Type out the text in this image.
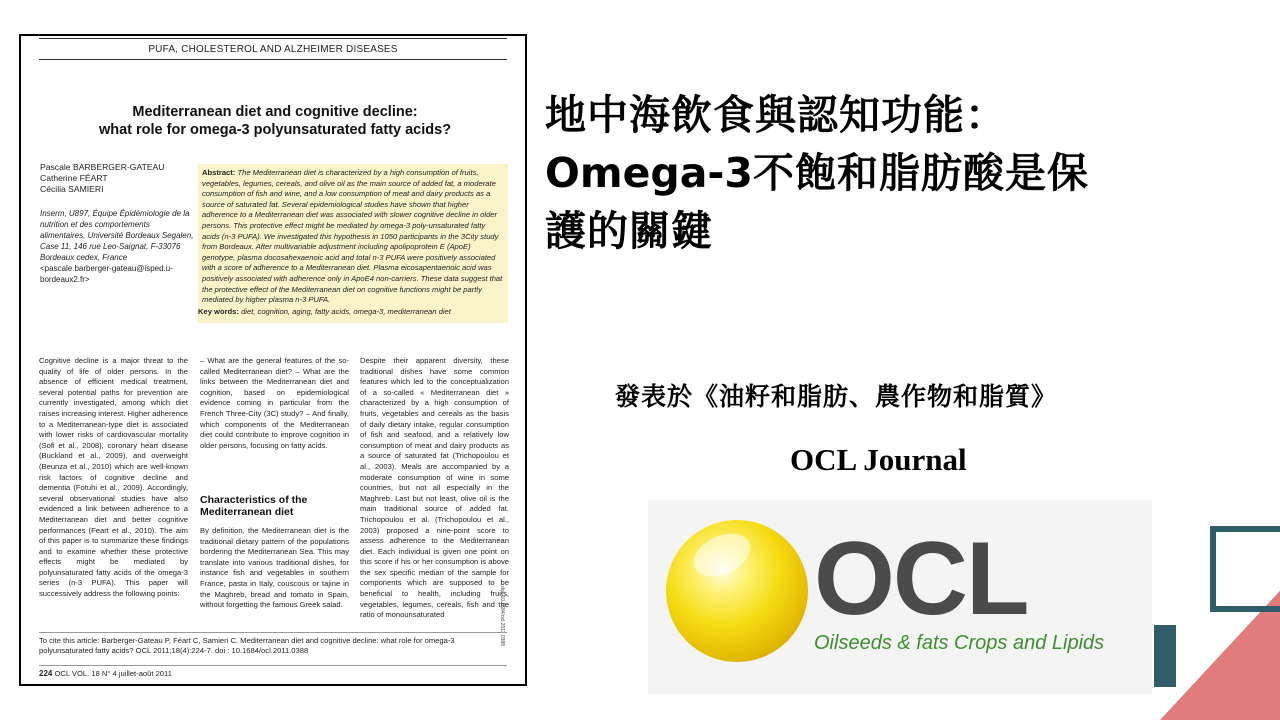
PUFA, CHOLESTEROL AND ALZHEIMER DISEASES
Mediterranean diet and cognitive decline:
what role for omega-3 polyunsaturated fatty acids?
Pascale BARBERGER-GATEAU
Catherine FÉART
Cécilia SAMIERI
Inserm, U897, Équipe Épidémiologie de la nutrition et des comportements alimentaires, Université Bordeaux Segalen, Case 11, 146 rue Leo-Saignat, F-33076 Bordeaux cedex, France
<pascale.barberger-gateau@isped.u-bordeaux2.fr>
Abstract: The Mediterranean diet is characterized by a high consumption of fruits, vegetables, legumes, cereals, and olive oil as the main source of added fat, a moderate consumption of fish and wine, and a low consumption of meat and dairy products as a source of saturated fat. Several epidemiological studies have shown that higher adherence to a Mediterranean diet was associated with slower cognitive decline in older persons. This protective effect might be mediated by omega-3 poly-unsaturated fatty acids (n-3 PUFA). We investigated this hypothesis in 1050 participants in the 3City study from Bordeaux. After multivariable adjustment including apolipoprotein E (ApoE) genotype, plasma docosahexaenoic acid and total n-3 PUFA were positively associated with a score of adherence to a Mediterranean diet. Plasma eicosapentaenoic acid was positively associated with adherence only in ApoE4 non-carriers. These data suggest that the protective effect of the Mediterranean diet on cognitive functions might be partly mediated by higher plasma n-3 PUFA.
Key words: diet, cognition, aging, fatty acids, omega-3, mediterranean diet
Cognitive decline is a major threat to the quality of life of older persons. In the absence of efficient medical treatment, several potential paths for prevention are currently investigated, among which diet raises increasing interest. Higher adherence to a Mediterranean-type diet is associated with lower risks of cardiovascular mortality (Sofi et al., 2008), coronary heart disease (Buckland et al., 2009), and overweight (Beunza et al., 2010) which are well-known risk factors of cognitive decline and dementia (Fotuhi et al., 2009). Accordingly, several observational studies have also evidenced a link between adherence to a Mediterranean diet and better cognitive performances (Feart et al., 2010). The aim of this paper is to summarize these findings and to examine whether these protective effects might be mediated by polyunsaturated fatty acids of the omega-3 series (n-3 PUFA). This paper will successively address the following points:
– What are the general features of the so-called Mediterranean diet? – What are the links between the Mediterranean diet and cognition, based on epidemiological evidence coming in particular from the French Three-City (3C) study? – And finally, which components of the Mediterranean diet could contribute to improve cognition in older persons, focusing on fatty acids.
Characteristics of the Mediterranean diet
By definition, the Mediterranean diet is the traditional dietary pattern of the populations bordering the Mediterranean Sea. This may translate into various traditional dishes, for instance fish and vegetables in southern France, pasta in Italy, couscous or tajine in the Maghreb, bread and tomato in Spain, without forgetting the famous Greek salad.
Despite their apparent diversity, these traditional dishes have some common features which led to the conceptualization of a so-called « Mediterranean diet » characterized by a high consumption of fruits, vegetables and cereals as the basis of daily dietary intake, regular consumption of fish and seafood, and a relatively low consumption of meat and dairy products as a source of saturated fat (Trichopoulou et al., 2003). Meals are accompanied by a moderate consumption of wine in some countries, but not all especially in the Maghreb. Last but not least, olive oil is the main traditional source of added fat. Trichopoulou et al. (Trichopoulou et al., 2003) proposed a nine-point score to assess adherence to the Mediterranean diet. Each individual is given one point on this score if his or her consumption is above the sex specific median of the sample for components which are supposed to be beneficial to health, including fruits, vegetables, legumes, cereals, fish and the ratio of monounsaturated	doi: 10.1684/ocl.2011.0388
To cite this article: Barberger-Gateau P, Féart C, Samieri C. Mediterranean diet and cognitive decline: what role for omega-3 polyunsaturated fatty acids? OCL 2011;18(4):224-7. doi : 10.1684/ocl.2011.0388
224 OCL VOL. 18 N° 4 juillet-août 2011
地中海飲食與認知功能：
Omega-3不飽和脂肪酸是保
護的關鍵
發表於《油籽和脂肪、農作物和脂質》
OCL Journal
OCL
Oilseeds & fats Crops and Lipids
